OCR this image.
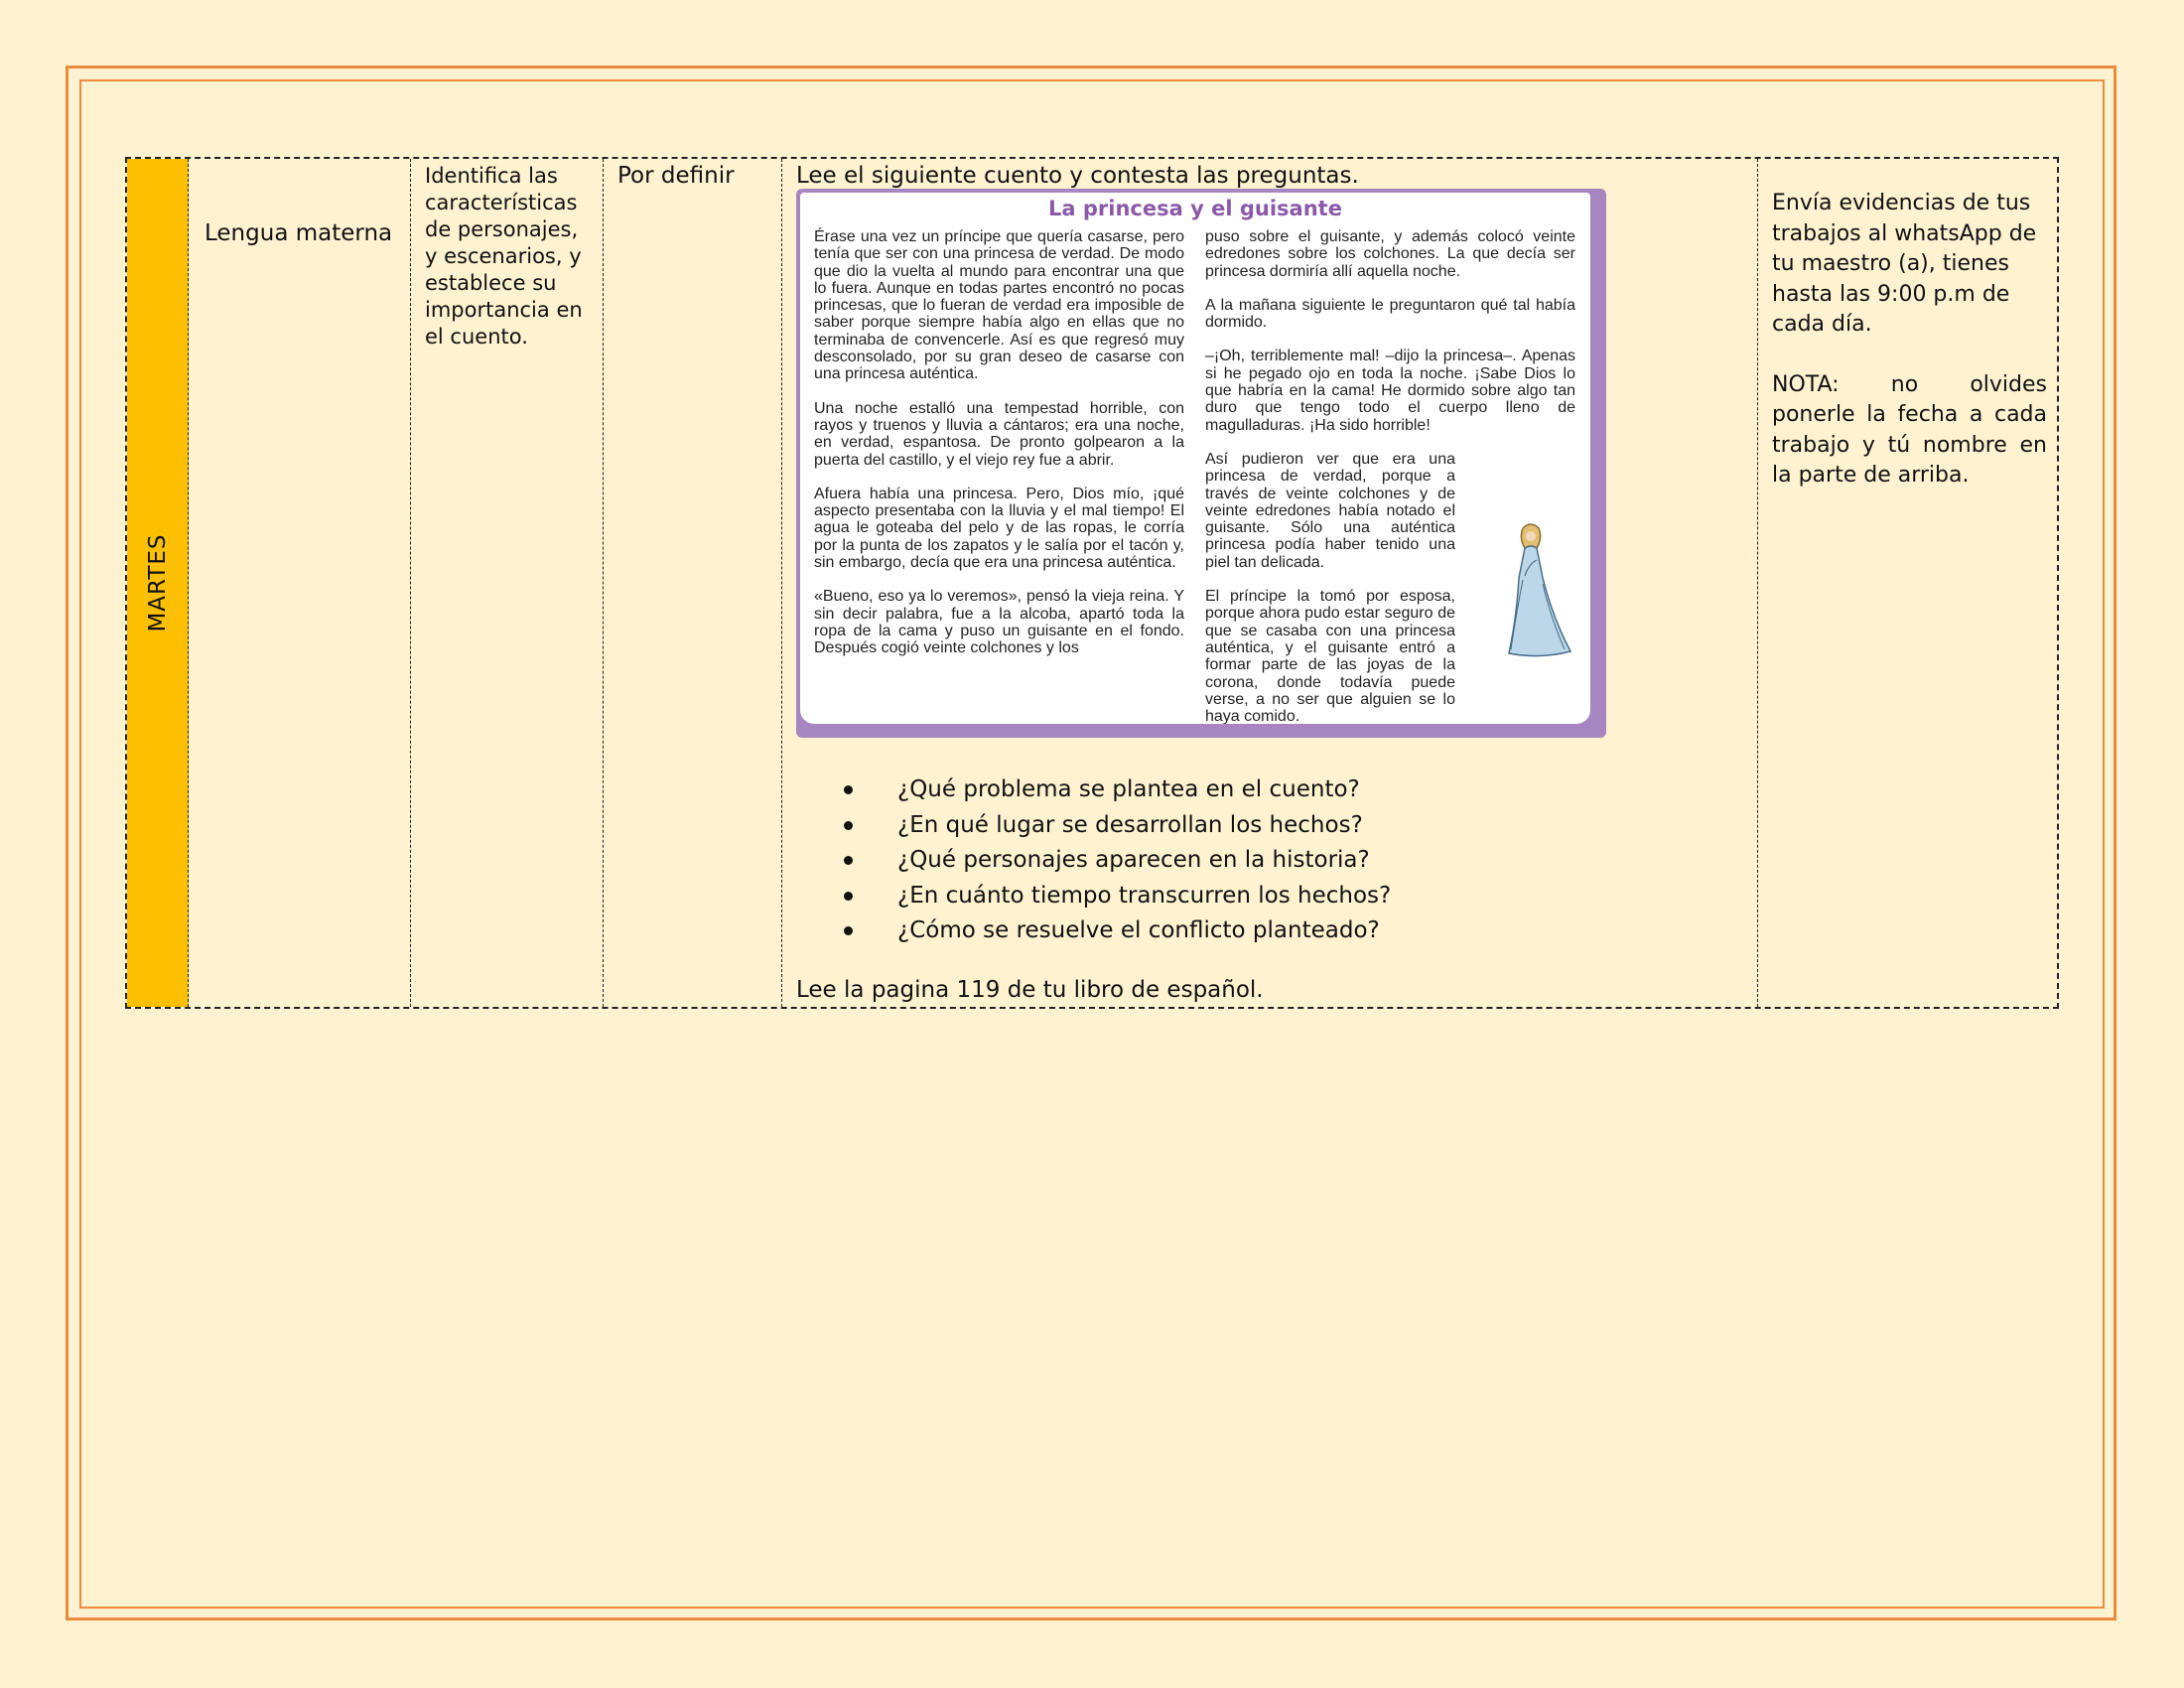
MARTES
Lengua materna
Identifica las
características
de personajes,
y escenarios, y
establece su
importancia en
el cuento.
Por definir	Lee el siguiente cuento y contesta las preguntas.
La princesa y el guisante

Érase una vez un príncipe que quería casarse, pero tenía que ser con una princesa de verdad. De modo que dio la vuelta al mundo para encontrar una que lo fuera. Aunque en todas partes encontró no pocas princesas, que lo fueran de verdad era imposible de saber porque siempre había algo en ellas que no terminaba de convencerle. Así es que regresó muy desconsolado, por su gran deseo de casarse con una princesa auténtica.

Una noche estalló una tempestad horrible, con rayos y truenos y lluvia a cántaros; era una noche, en verdad, espantosa. De pronto golpearon a la puerta del castillo, y el viejo rey fue a abrir.

Afuera había una princesa. Pero, Dios mío, ¡qué aspecto presentaba con la lluvia y el mal tiempo! El agua le goteaba del pelo y de las ropas, le corría por la punta de los zapatos y le salía por el tacón y, sin embargo, decía que era una princesa auténtica.

«Bueno, eso ya lo veremos», pensó la vieja reina. Y sin decir palabra, fue a la alcoba, apartó toda la ropa de la cama y puso un guisante en el fondo. Después cogió veinte colchones y los

puso sobre el guisante, y además colocó veinte edredones sobre los colchones. La que decía ser princesa dormiría allí aquella noche.

A la mañana siguiente le preguntaron qué tal había dormido.

–¡Oh, terriblemente mal! –dijo la princesa–. Apenas si he pegado ojo en toda la noche. ¡Sabe Dios lo que habría en la cama! He dormido sobre algo tan duro que tengo todo el cuerpo lleno de magulladuras. ¡Ha sido horrible!

Así pudieron ver que era una princesa de verdad, porque a través de veinte colchones y de veinte edredones había notado el guisante. Sólo una auténtica princesa podía haber tenido una piel tan delicada.

El príncipe la tomó por esposa, porque ahora pudo estar seguro de que se casaba con una princesa auténtica, y el guisante entró a formar parte de las joyas de la corona, donde todavía puede verse, a no ser que alguien se lo haya comido.

¿Qué problema se plantea en el cuento?
¿En qué lugar se desarrollan los hechos?
¿Qué personajes aparecen en la historia?
¿En cuánto tiempo transcurren los hechos?
¿Cómo se resuelve el conflicto planteado?
Lee la pagina 119 de tu libro de español.

Envía evidencias de tus trabajos al whatsApp de tu maestro (a), tienes hasta las 9:00 p.m de cada día.

NOTA: no olvides ponerle la fecha a cada trabajo y tú nombre en la parte de arriba.
